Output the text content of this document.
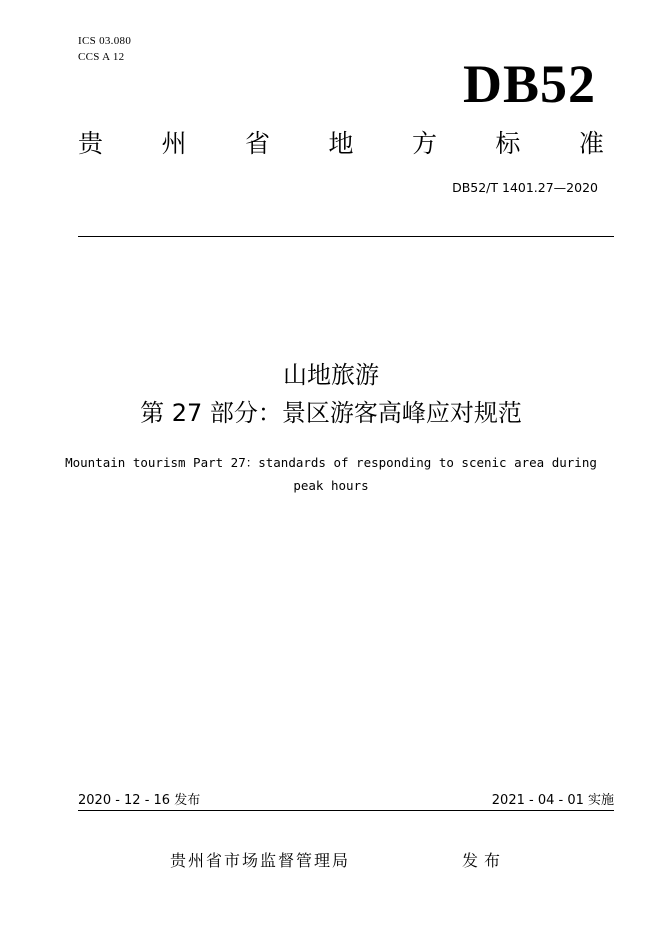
ICS 03.080
CCS A 12	DB52
贵 州 省 地 方 标 准
DB52/T 1401.27—2020
山地旅游
第 27 部分：景区游客高峰应对规范
Mountain tourism Part 27：standards of responding to scenic area during
peak hours
2020 - 12 - 16 发布	2021 - 04 - 01 实施
贵州省市场监督管理局	发布
